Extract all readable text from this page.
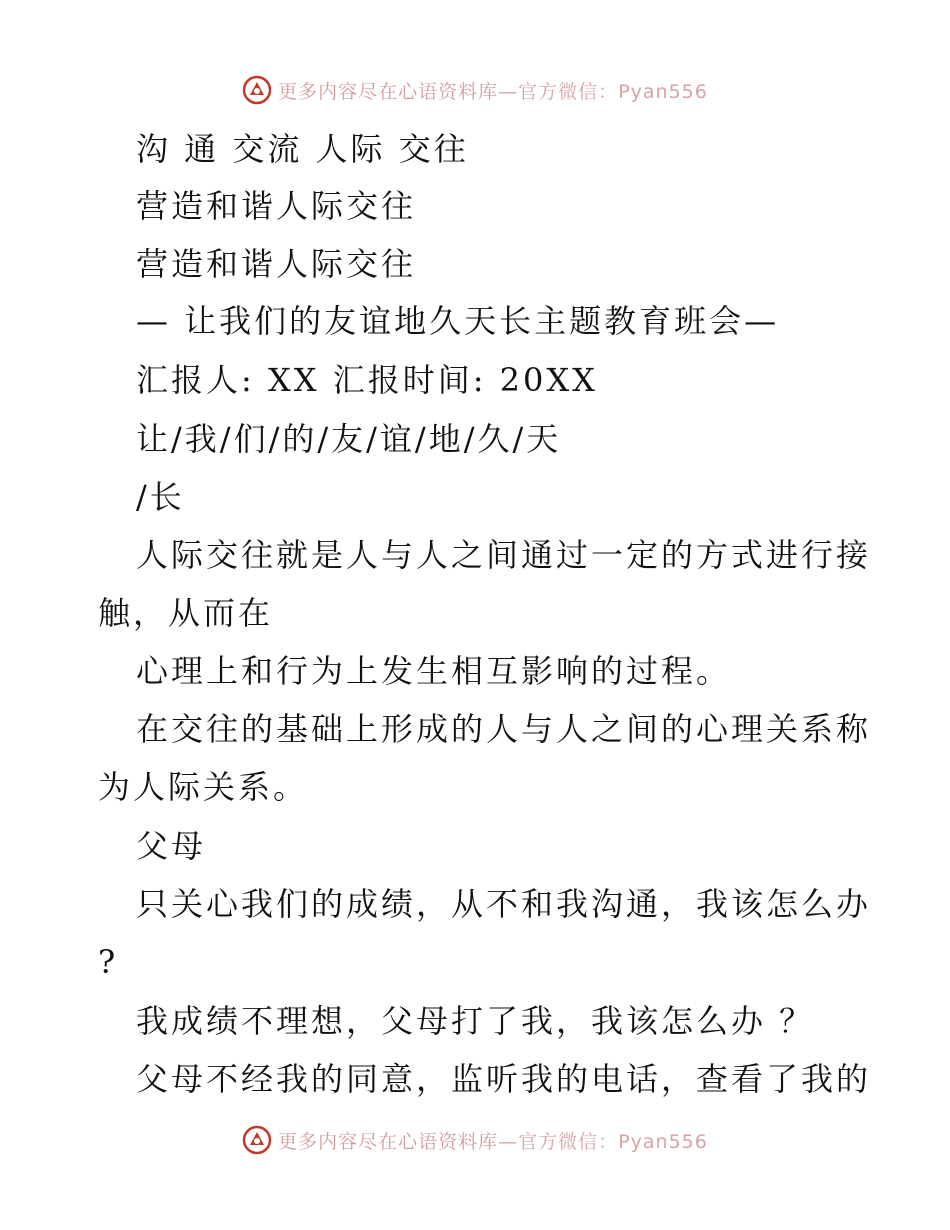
更多内容尽在心语资料库—官方微信：Pyan556
沟 通 交流 人际 交往
营造和谐人际交往
营造和谐人际交往
— 让我们的友谊地久天长主题教育班会—
汇报人: XX 汇报时间: 20XX
让/我/们/的/友/谊/地/久/天
/长
人际交往就是人与人之间通过一定的方式进行接
触，从而在
心理上和行为上发生相互影响的过程。
在交往的基础上形成的人与人之间的心理关系称
为人际关系。
父母
只关心我们的成绩，从不和我沟通，我该怎么办
?
我成绩不理想，父母打了我，我该怎么办 ？
父母不经我的同意，监听我的电话，查看了我的
更多内容尽在心语资料库—官方微信：Pyan556
